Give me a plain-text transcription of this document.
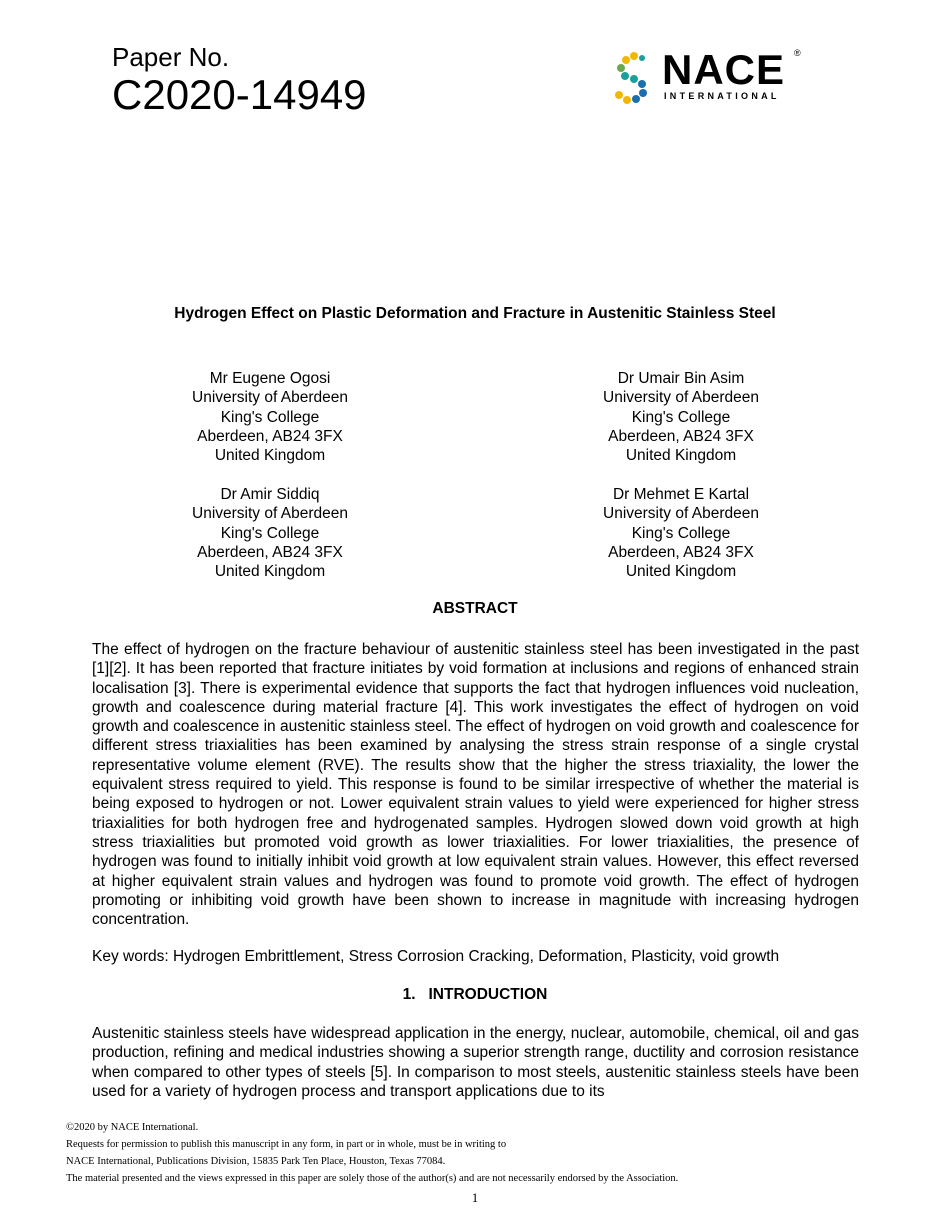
Paper No.
C2020-14949
NACE ®
INTERNATIONAL
Hydrogen Effect on Plastic Deformation and Fracture in Austenitic Stainless Steel
Mr Eugene Ogosi
University of Aberdeen
King's College
Aberdeen, AB24 3FX
United Kingdom
Dr Umair Bin Asim
University of Aberdeen
King's College
Aberdeen, AB24 3FX
United Kingdom
Dr Amir Siddiq
University of Aberdeen
King's College
Aberdeen, AB24 3FX
United Kingdom
Dr Mehmet E Kartal
University of Aberdeen
King's College
Aberdeen, AB24 3FX
United Kingdom
ABSTRACT
The effect of hydrogen on the fracture behaviour of austenitic stainless steel has been investigated in the past [1][2]. It has been reported that fracture initiates by void formation at inclusions and regions of enhanced strain localisation [3]. There is experimental evidence that supports the fact that hydrogen influences void nucleation, growth and coalescence during material fracture [4]. This work investigates the effect of hydrogen on void growth and coalescence in austenitic stainless steel. The effect of hydrogen on void growth and coalescence for different stress triaxialities has been examined by analysing the stress strain response of a single crystal representative volume element (RVE). The results show that the higher the stress triaxiality, the lower the equivalent stress required to yield. This response is found to be similar irrespective of whether the material is being exposed to hydrogen or not. Lower equivalent strain values to yield were experienced for higher stress triaxialities for both hydrogen free and hydrogenated samples. Hydrogen slowed down void growth at high stress triaxialities but promoted void growth as lower triaxialities. For lower triaxialities, the presence of hydrogen was found to initially inhibit void growth at low equivalent strain values. However, this effect reversed at higher equivalent strain values and hydrogen was found to promote void growth. The effect of hydrogen promoting or inhibiting void growth have been shown to increase in magnitude with increasing hydrogen concentration.
Key words: Hydrogen Embrittlement, Stress Corrosion Cracking, Deformation, Plasticity, void growth
1.   INTRODUCTION
Austenitic stainless steels have widespread application in the energy, nuclear, automobile, chemical, oil and gas production, refining and medical industries showing a superior strength range, ductility and corrosion resistance when compared to other types of steels [5]. In comparison to most steels, austenitic stainless steels have been used for a variety of hydrogen process and transport applications due to its
©2020 by NACE International.
Requests for permission to publish this manuscript in any form, in part or in whole, must be in writing to
NACE International, Publications Division, 15835 Park Ten Place, Houston, Texas 77084.
The material presented and the views expressed in this paper are solely those of the author(s) and are not necessarily endorsed by the Association.
1
